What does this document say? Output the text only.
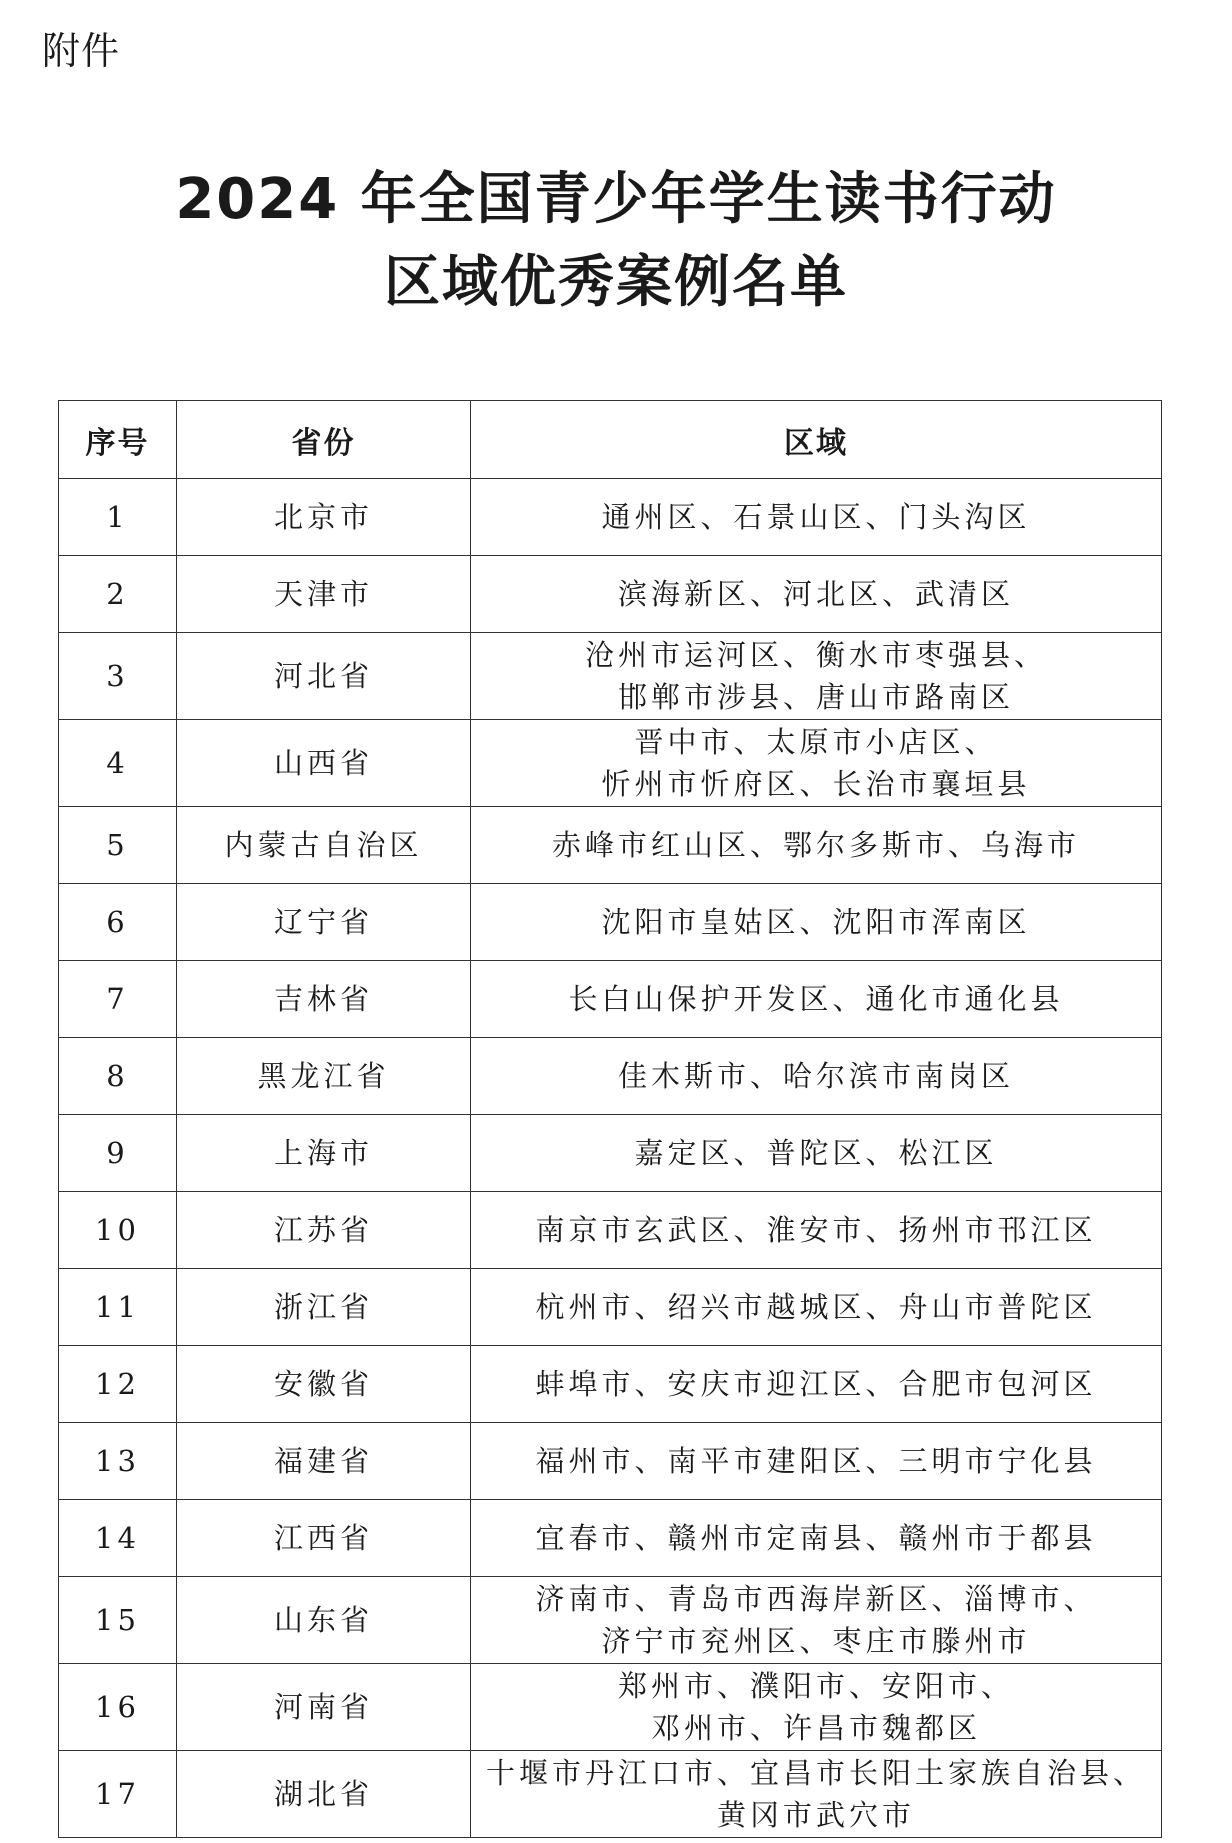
附件
2024 年全国青少年学生读书行动
区域优秀案例名单
序号	省份	区域
1	北京市	通州区、石景山区、门头沟区

2	天津市	滨海新区、河北区、武清区

3	河北省	沧州市运河区、衡水市枣强县、
邯郸市涉县、唐山市路南区

4	山西省	晋中市、太原市小店区、
忻州市忻府区、长治市襄垣县

5	内蒙古自治区	赤峰市红山区、鄂尔多斯市、乌海市

6	辽宁省	沈阳市皇姑区、沈阳市浑南区

7	吉林省	长白山保护开发区、通化市通化县

8	黑龙江省	佳木斯市、哈尔滨市南岗区

9	上海市	嘉定区、普陀区、松江区

10	江苏省	南京市玄武区、淮安市、扬州市邗江区

11	浙江省	杭州市、绍兴市越城区、舟山市普陀区

12	安徽省	蚌埠市、安庆市迎江区、合肥市包河区

13	福建省	福州市、南平市建阳区、三明市宁化县

14	江西省	宜春市、赣州市定南县、赣州市于都县

15	山东省	济南市、青岛市西海岸新区、淄博市、
济宁市兖州区、枣庄市滕州市

16	河南省	郑州市、濮阳市、安阳市、
邓州市、许昌市魏都区

17	湖北省	十堰市丹江口市、宜昌市长阳土家族自治县、
黄冈市武穴市
